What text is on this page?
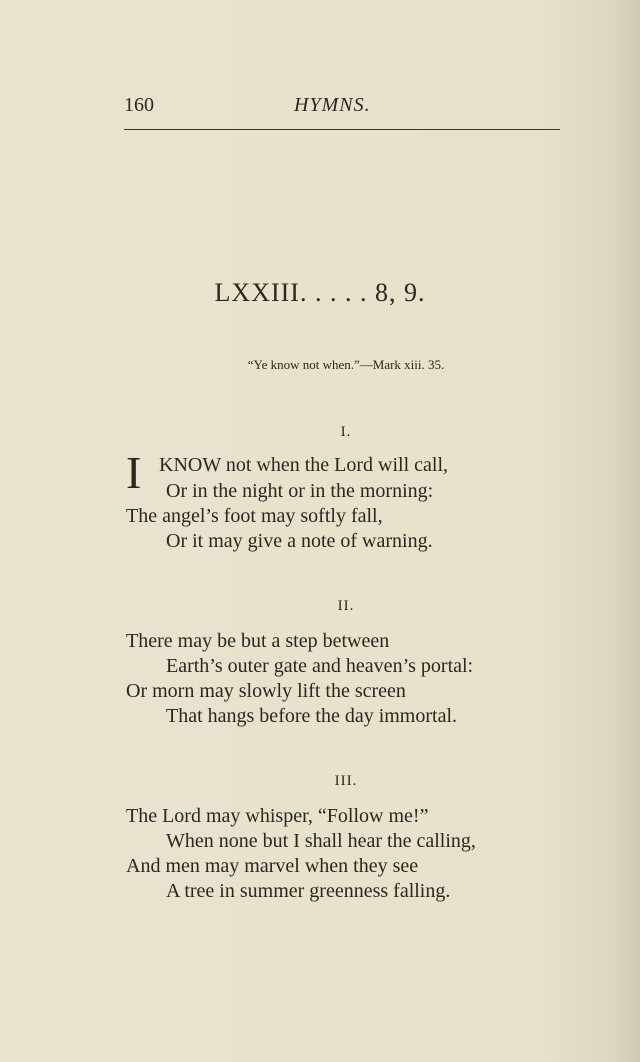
160	HYMNS.
LXXIII. . . . . 8, 9.
“Ye know not when.”—Mark xiii. 35.
I.
I KNOW not when the Lord will call,
Or in the night or in the morning:
The angel’s foot may softly fall,
Or it may give a note of warning.
II.
There may be but a step between
Earth’s outer gate and heaven’s portal:
Or morn may slowly lift the screen
That hangs before the day immortal.
III.
The Lord may whisper, “Follow me!”
When none but I shall hear the calling,
And men may marvel when they see
A tree in summer greenness falling.
